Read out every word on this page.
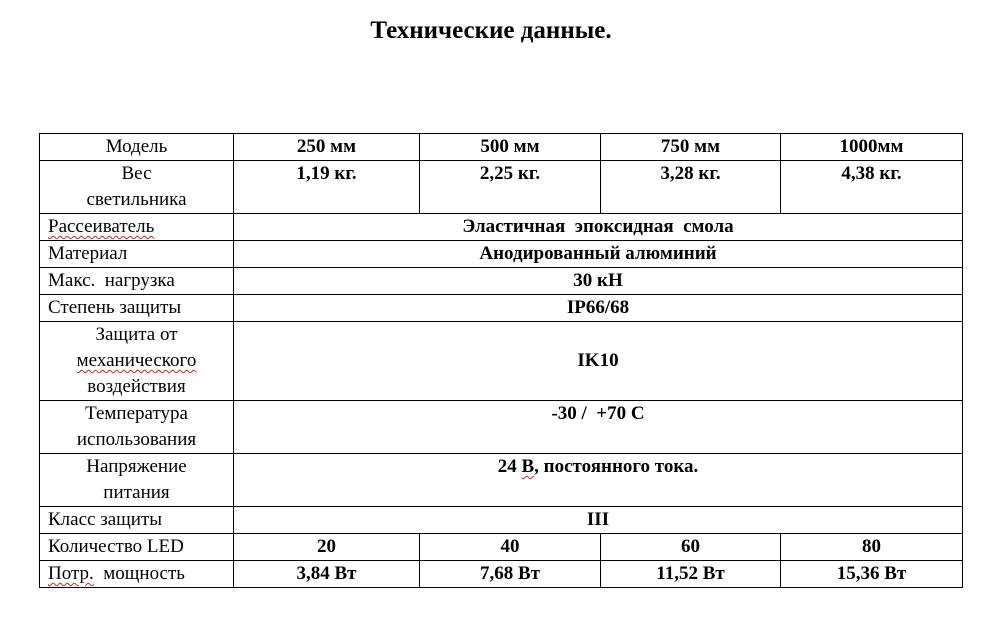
Технические данные.
Модель	250 мм	500 мм	750 мм	1000мм

Вес
светильника	1,19 кг.	2,25 кг.	3,28 кг.	4,38 кг.
Рассеиватель	Эластичная  эпоксидная  смола			
Материал	Анодированный алюминий			
Макс.  нагрузка	30 кН			
Степень защиты	IP66/68			

Защита от
механического
воздействия	IK10			

Температура
использования	-30 /  +70 С			

Напряжение
питания	24 В, постоянного тока.			
Класс защиты	III			
Количество LED	20	40	60	80
Потр.  мощность	3,84 Вт	7,68 Вт	11,52 Вт	15,36 Вт
